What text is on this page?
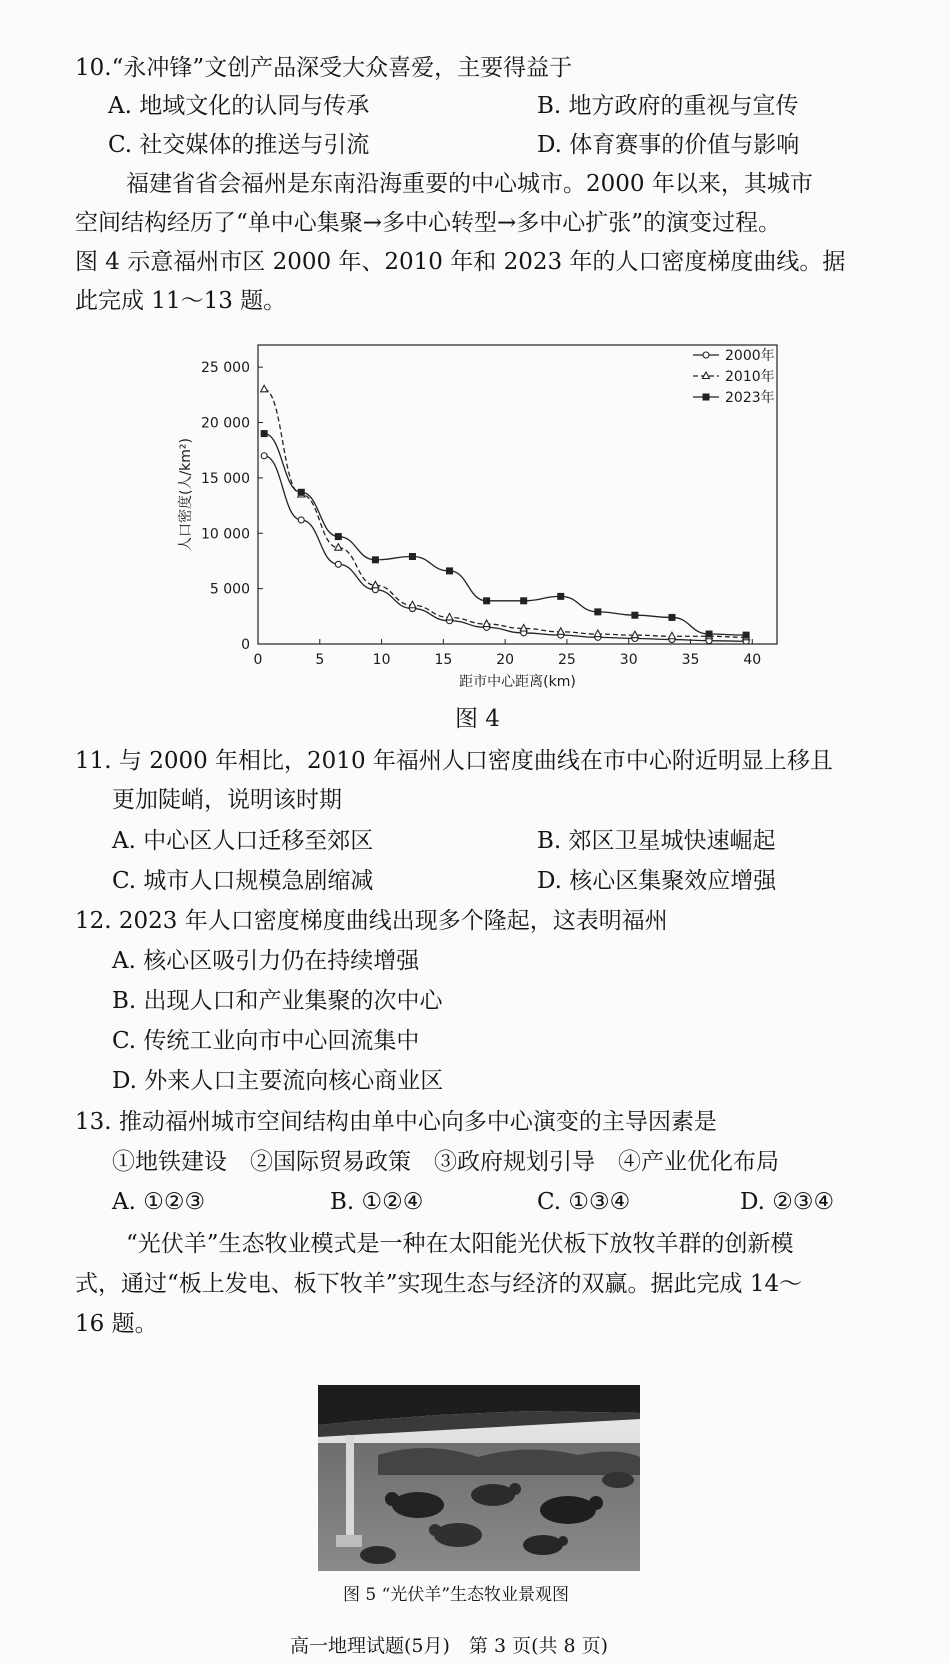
10.“永冲锋”文创产品深受大众喜爱，主要得益于
A. 地域文化的认同与传承	B. 地方政府的重视与宣传
C. 社交媒体的推送与引流	D. 体育赛事的价值与影响
福建省省会福州是东南沿海重要的中心城市。2000 年以来，其城市
空间结构经历了“单中心集聚→多中心转型→多中心扩张”的演变过程。
图 4 示意福州市区 2000 年、2010 年和 2023 年的人口密度梯度曲线。据
此完成 11～13 题。
0	5	10	15	20	25	30	35	40
0
5 000
10 000
15 000
20 000
25 000
距市中心距离(km)
人口密度(人/km²)
2000年
2010年
2023年
图 4
11. 与 2000 年相比，2010 年福州人口密度曲线在市中心附近明显上移且
更加陡峭，说明该时期
A. 中心区人口迁移至郊区	B. 郊区卫星城快速崛起
C. 城市人口规模急剧缩减	D. 核心区集聚效应增强
12. 2023 年人口密度梯度曲线出现多个隆起，这表明福州
A. 核心区吸引力仍在持续增强
B. 出现人口和产业集聚的次中心
C. 传统工业向市中心回流集中
D. 外来人口主要流向核心商业区
13. 推动福州城市空间结构由单中心向多中心演变的主导因素是
①地铁建设　②国际贸易政策　③政府规划引导　④产业优化布局
A. ①②③	B. ①②④	C. ①③④	D. ②③④
“光伏羊”生态牧业模式是一种在太阳能光伏板下放牧羊群的创新模
式，通过“板上发电、板下牧羊”实现生态与经济的双赢。据此完成 14～
16 题。
图 5 “光伏羊”生态牧业景观图
高一地理试题(5月)　第 3 页(共 8 页)
